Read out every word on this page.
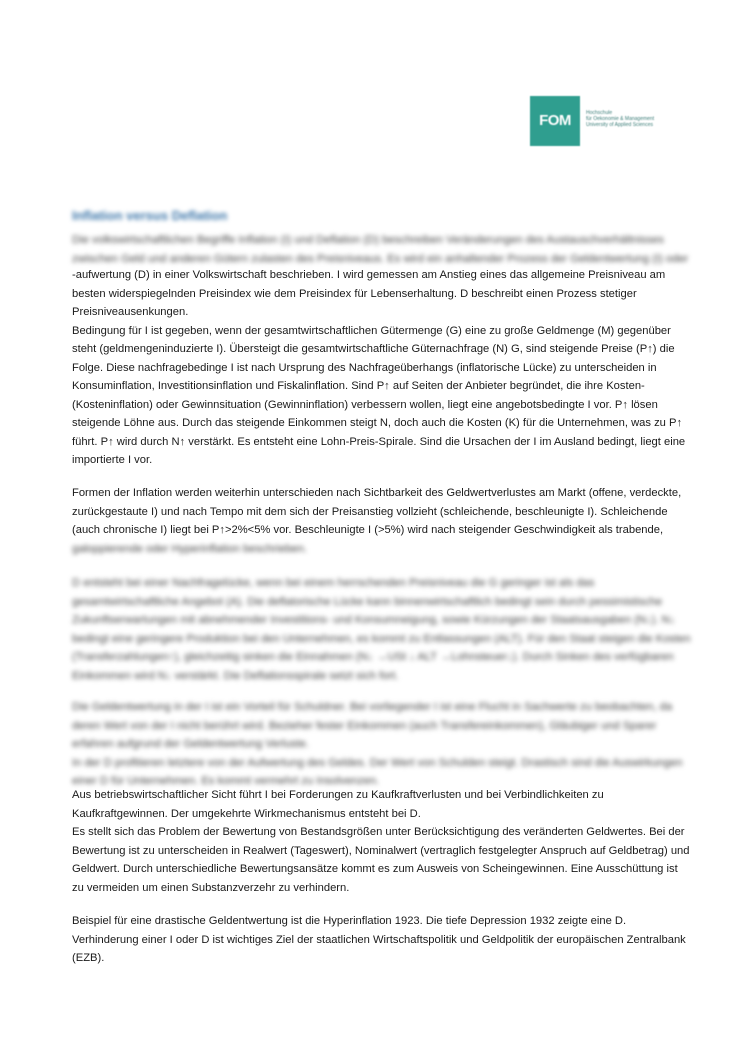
FOM	Hochschule
für Oekonomie & Management
University of Applied Sciences
Inflation versus Deflation
Die volkswirtschaftlichen Begriffe Inflation (I) und Deflation (D) beschreiben Veränderungen des Austauschverhältnisses
zwischen Geld und anderen Gütern zulasten des Preisniveaus. Es wird ein anhaltender Prozess der Geldentwertung (I) oder
-aufwertung (D) in einer Volkswirtschaft beschrieben. I wird gemessen am Anstieg eines das allgemeine Preisniveau am
besten widerspiegelnden Preisindex wie dem Preisindex für Lebenserhaltung. D beschreibt einen Prozess stetiger
Preisniveausenkungen.
Bedingung für I ist gegeben, wenn der gesamtwirtschaftlichen Gütermenge (G) eine zu große Geldmenge (M) gegenüber
steht (geldmengeninduzierte I). Übersteigt die gesamtwirtschaftliche Güternachfrage (N) G, sind steigende Preise (P↑) die
Folge. Diese nachfragebedinge I ist nach Ursprung des Nachfrageüberhangs (inflatorische Lücke) zu unterscheiden in
Konsuminflation, Investitionsinflation und Fiskalinflation. Sind P↑ auf Seiten der Anbieter begründet, die ihre Kosten-
(Kosteninflation) oder Gewinnsituation (Gewinninflation) verbessern wollen, liegt eine angebotsbedingte I vor. P↑ lösen
steigende Löhne aus. Durch das steigende Einkommen steigt N, doch auch die Kosten (K) für die Unternehmen, was zu P↑
führt. P↑ wird durch N↑ verstärkt. Es entsteht eine Lohn-Preis-Spirale. Sind die Ursachen der I im Ausland bedingt, liegt eine
importierte I vor.
Formen der Inflation werden weiterhin unterschieden nach Sichtbarkeit des Geldwertverlustes am Markt (offene, verdeckte,
zurückgestaute I) und nach Tempo mit dem sich der Preisanstieg vollzieht (schleichende, beschleunigte I). Schleichende
(auch chronische I) liegt bei P↑>2%<5% vor. Beschleunigte I (>5%) wird nach steigender Geschwindigkeit als trabende,
galoppierende oder Hyperinflation beschrieben.
D entsteht bei einer Nachfragelücke, wenn bei einem herrschenden Preisniveau die G geringer ist als das
gesamtwirtschaftliche Angebot (A). Die deflatorische Lücke kann binnenwirtschaftlich bedingt sein durch pessimistische
Zukunftserwartungen mit abnehmender Investitions- und Konsumneigung, sowie Kürzungen der Staatsausgaben (N↓). N↓
bedingt eine geringere Produktion bei den Unternehmen, es kommt zu Entlassungen (ALT). Für den Staat steigen die Kosten
(Transferzahlungen↑), gleichzeitig sinken die Einnahmen (N↓ →USt ↓ ALT →Lohnsteuer↓). Durch Sinken des verfügbaren
Einkommen wird N↓ verstärkt. Die Deflationsspirale setzt sich fort.
Die Geldentwertung in der I ist ein Vorteil für Schuldner. Bei vorliegender I ist eine Flucht in Sachwerte zu beobachten, da
deren Wert von der I nicht berührt wird. Bezieher fester Einkommen (auch Transfereinkommen), Gläubiger und Sparer
erfahren aufgrund der Geldentwertung Verluste.
In der D profitieren letztere von der Aufwertung des Geldes. Der Wert von Schulden steigt. Drastisch sind die Auswirkungen
einer D für Unternehmen. Es kommt vermehrt zu Insolvenzen.
Aus betriebswirtschaftlicher Sicht führt I bei Forderungen zu Kaufkraftverlusten und bei Verbindlichkeiten zu
Kaufkraftgewinnen. Der umgekehrte Wirkmechanismus entsteht bei D.
Es stellt sich das Problem der Bewertung von Bestandsgrößen unter Berücksichtigung des veränderten Geldwertes. Bei der
Bewertung ist zu unterscheiden in Realwert (Tageswert), Nominalwert (vertraglich festgelegter Anspruch auf Geldbetrag) und
Geldwert. Durch unterschiedliche Bewertungsansätze kommt es zum Ausweis von Scheingewinnen. Eine Ausschüttung ist
zu vermeiden um einen Substanzverzehr zu verhindern.
Beispiel für eine drastische Geldentwertung ist die Hyperinflation 1923. Die tiefe Depression 1932 zeigte eine D.
Verhinderung einer I oder D ist wichtiges Ziel der staatlichen Wirtschaftspolitik und Geldpolitik der europäischen Zentralbank
(EZB).
